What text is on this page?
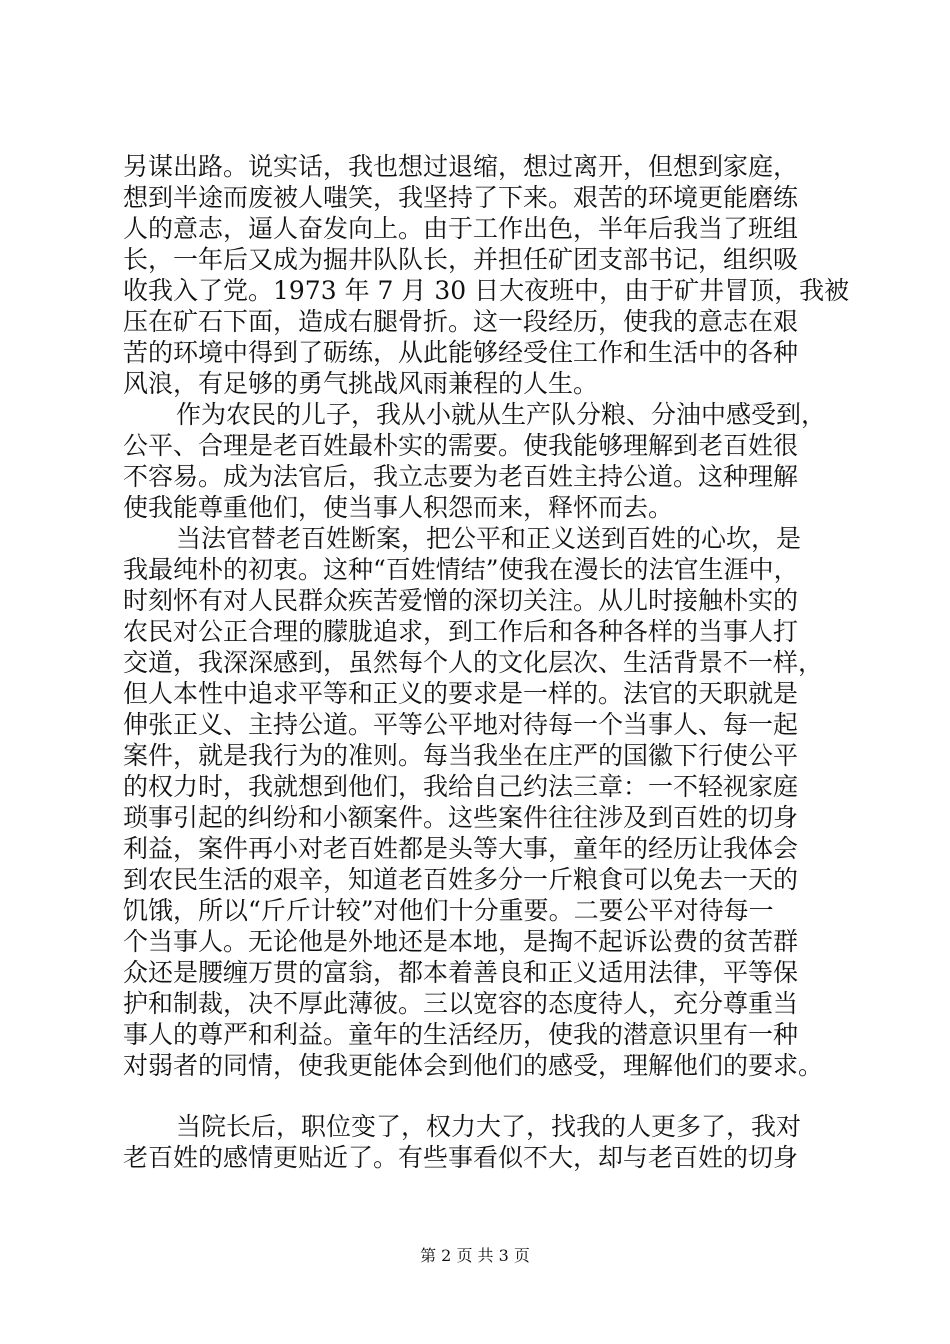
另谋出路。说实话，我也想过退缩，想过离开，但想到家庭，
想到半途而废被人嗤笑，我坚持了下来。艰苦的环境更能磨练
人的意志，逼人奋发向上。由于工作出色，半年后我当了班组
长，一年后又成为掘井队队长，并担任矿团支部书记，组织吸
收我入了党。1973 年 7 月 30 日大夜班中，由于矿井冒顶，我被
压在矿石下面，造成右腿骨折。这一段经历，使我的意志在艰
苦的环境中得到了砺练，从此能够经受住工作和生活中的各种
风浪，有足够的勇气挑战风雨兼程的人生。
作为农民的儿子，我从小就从生产队分粮、分油中感受到，
公平、合理是老百姓最朴实的需要。使我能够理解到老百姓很
不容易。成为法官后，我立志要为老百姓主持公道。这种理解
使我能尊重他们，使当事人积怨而来，释怀而去。
当法官替老百姓断案，把公平和正义送到百姓的心坎，是
我最纯朴的初衷。这种“百姓情结”使我在漫长的法官生涯中，
时刻怀有对人民群众疾苦爱憎的深切关注。从儿时接触朴实的
农民对公正合理的朦胧追求，到工作后和各种各样的当事人打
交道，我深深感到，虽然每个人的文化层次、生活背景不一样，
但人本性中追求平等和正义的要求是一样的。法官的天职就是
伸张正义、主持公道。平等公平地对待每一个当事人、每一起
案件，就是我行为的准则。每当我坐在庄严的国徽下行使公平
的权力时，我就想到他们，我给自己约法三章：一不轻视家庭
琐事引起的纠纷和小额案件。这些案件往往涉及到百姓的切身
利益，案件再小对老百姓都是头等大事，童年的经历让我体会
到农民生活的艰辛，知道老百姓多分一斤粮食可以免去一天的
饥饿，所以“斤斤计较”对他们十分重要。二要公平对待每一
个当事人。无论他是外地还是本地，是掏不起诉讼费的贫苦群
众还是腰缠万贯的富翁，都本着善良和正义适用法律，平等保
护和制裁，决不厚此薄彼。三以宽容的态度待人，充分尊重当
事人的尊严和利益。童年的生活经历，使我的潜意识里有一种
对弱者的同情，使我更能体会到他们的感受，理解他们的要求。
当院长后，职位变了，权力大了，找我的人更多了，我对
老百姓的感情更贴近了。有些事看似不大，却与老百姓的切身
第 2 页 共 3 页
